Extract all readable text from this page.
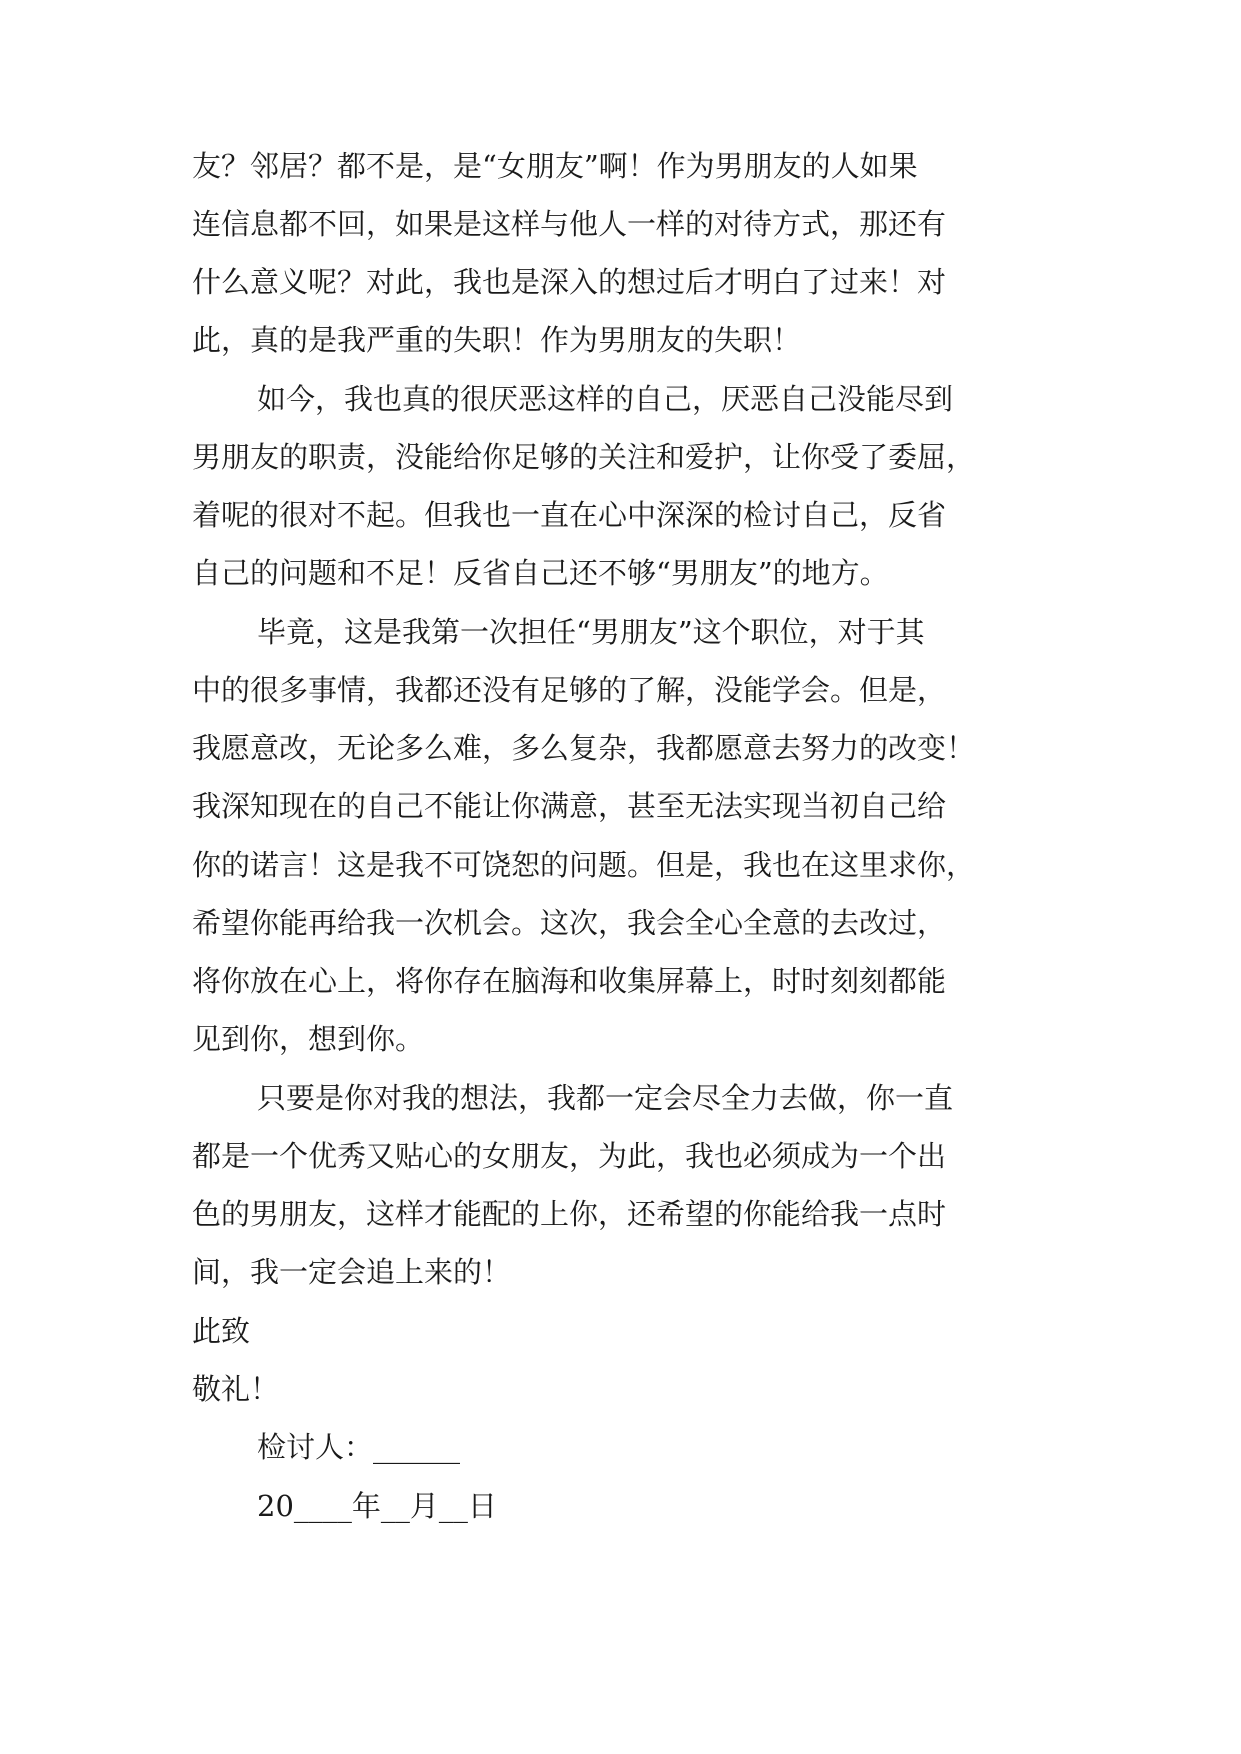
友？邻居？都不是，是“女朋友”啊！作为男朋友的人如果
连信息都不回，如果是这样与他人一样的对待方式，那还有
什么意义呢？对此，我也是深入的想过后才明白了过来！对
此，真的是我严重的失职！作为男朋友的失职！
如今，我也真的很厌恶这样的自己，厌恶自己没能尽到
男朋友的职责，没能给你足够的关注和爱护，让你受了委屈，
着呢的很对不起。但我也一直在心中深深的检讨自己，反省
自己的问题和不足！反省自己还不够“男朋友”的地方。
毕竟，这是我第一次担任“男朋友”这个职位，对于其
中的很多事情，我都还没有足够的了解，没能学会。但是，
我愿意改，无论多么难，多么复杂，我都愿意去努力的改变！
我深知现在的自己不能让你满意，甚至无法实现当初自己给
你的诺言！这是我不可饶恕的问题。但是，我也在这里求你，
希望你能再给我一次机会。这次，我会全心全意的去改过，
将你放在心上，将你存在脑海和收集屏幕上，时时刻刻都能
见到你，想到你。
只要是你对我的想法，我都一定会尽全力去做，你一直
都是一个优秀又贴心的女朋友，为此，我也必须成为一个出
色的男朋友，这样才能配的上你，还希望的你能给我一点时
间，我一定会追上来的！
此致
敬礼！
检讨人：______
20____年__月__日
